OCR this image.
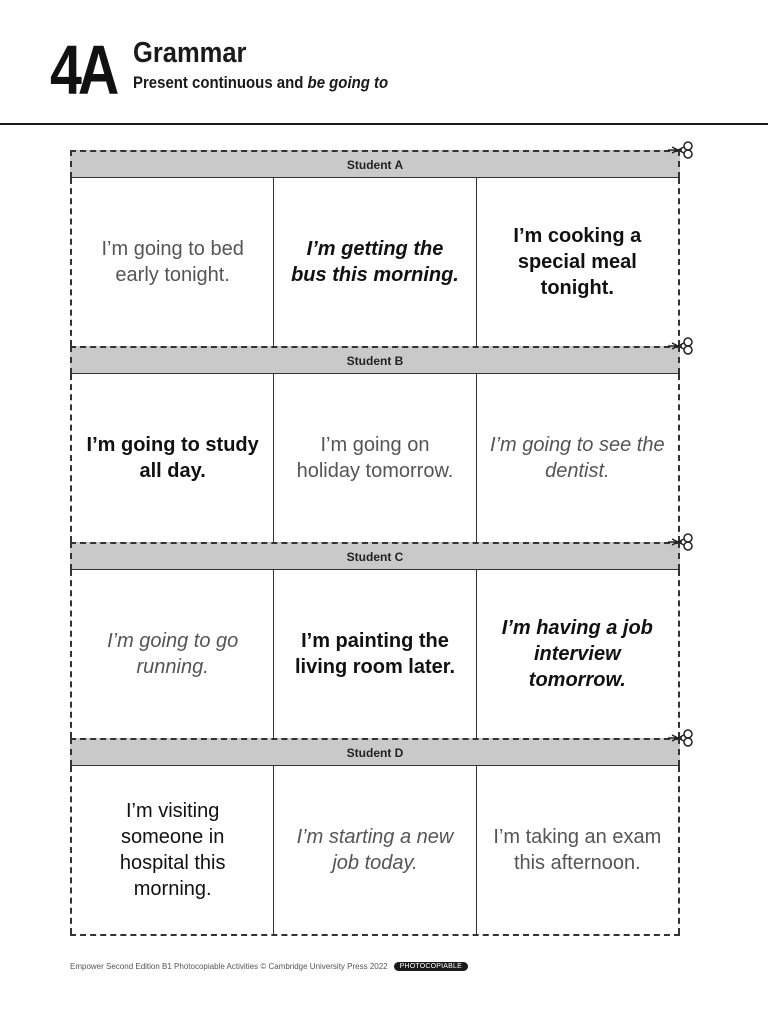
4A Grammar
Present continuous and be going to
Student A
I’m going to bed early tonight.
I’m getting the bus this morning.
I’m cooking a special meal tonight.
Student B
I’m going to study all day.
I’m going on holiday tomorrow.
I’m going to see the dentist.
Student C
I’m going to go running.
I’m painting the living room later.
I’m having a job interview tomorrow.
Student D
I’m visiting someone in hospital this morning.
I’m starting a new job today.
I’m taking an exam this afternoon.
Empower Second Edition B1 Photocopiable Activities © Cambridge University Press 2022	PHOTOCOPIABLE
